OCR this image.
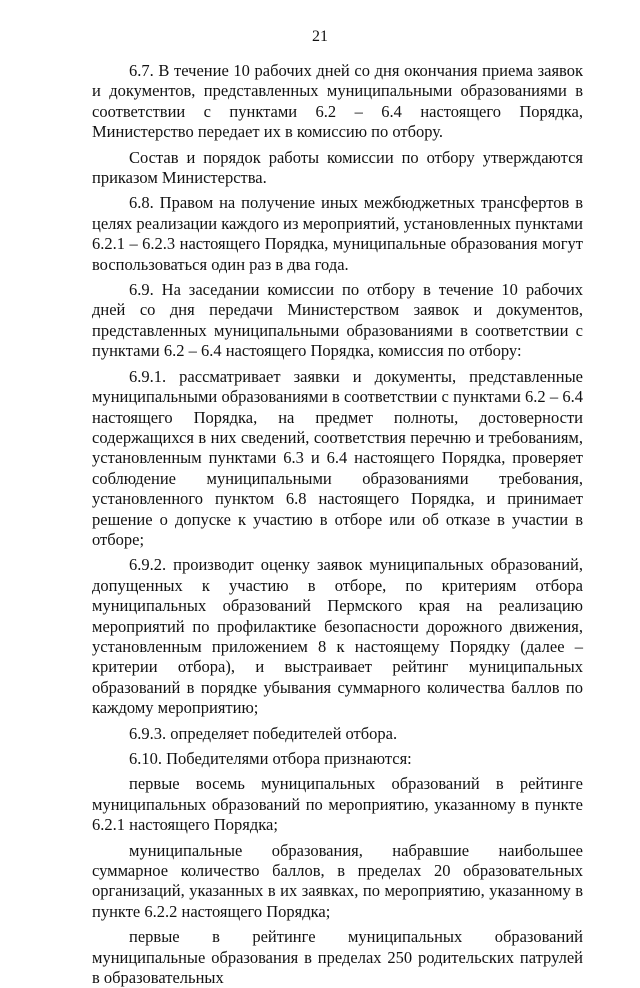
21

6.7. В течение 10 рабочих дней со дня окончания приема заявок и документов, представленных муниципальными образованиями в соответствии с пунктами 6.2 – 6.4 настоящего Порядка, Министерство передает их в комиссию по отбору.

Состав и порядок работы комиссии по отбору утверждаются приказом Министерства.

6.8. Правом на получение иных межбюджетных трансфертов в целях реализации каждого из мероприятий, установленных пунктами 6.2.1 – 6.2.3 настоящего Порядка, муниципальные образования могут воспользоваться один раз в два года.

6.9. На заседании комиссии по отбору в течение 10 рабочих дней со дня передачи Министерством заявок и документов, представленных муниципальными образованиями в соответствии с пунктами 6.2 – 6.4 настоящего Порядка, комиссия по отбору:

6.9.1. рассматривает заявки и документы, представленные муниципальными образованиями в соответствии с пунктами 6.2 – 6.4 настоящего Порядка, на предмет полноты, достоверности содержащихся в них сведений, соответствия перечню и требованиям, установленным пунктами 6.3 и 6.4 настоящего Порядка, проверяет соблюдение муниципальными образованиями требования, установленного пунктом 6.8 настоящего Порядка, и принимает решение о допуске к участию в отборе или об отказе в участии в отборе;

6.9.2. производит оценку заявок муниципальных образований, допущенных к участию в отборе, по критериям отбора муниципальных образований Пермского края на реализацию мероприятий по профилактике безопасности дорожного движения, установленным приложением 8 к настоящему Порядку (далее – критерии отбора), и выстраивает рейтинг муниципальных образований в порядке убывания суммарного количества баллов по каждому мероприятию;

6.9.3. определяет победителей отбора.

6.10. Победителями отбора признаются:

первые восемь муниципальных образований в рейтинге муниципальных образований по мероприятию, указанному в пункте 6.2.1 настоящего Порядка;

муниципальные образования, набравшие наибольшее суммарное количество баллов, в пределах 20 образовательных организаций, указанных в их заявках, по мероприятию, указанному в пункте 6.2.2 настоящего Порядка;

первые в рейтинге муниципальных образований муниципальные образования в пределах 250 родительских патрулей в образовательных
